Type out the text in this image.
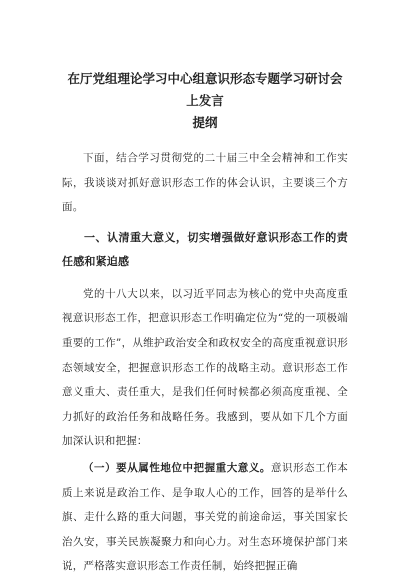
在厅党组理论学习中心组意识形态专题学习研讨会上发言
提纲

下面，结合学习贯彻党的二十届三中全会精神和工作实际，我谈谈对抓好意识形态工作的体会认识，主要谈三个方面。

一、认清重大意义，切实增强做好意识形态工作的责任感和紧迫感

党的十八大以来，以习近平同志为核心的党中央高度重视意识形态工作，把意识形态工作明确定位为“党的一项极端重要的工作”，从维护政治安全和政权安全的高度重视意识形态领域安全，把握意识形态工作的战略主动。意识形态工作意义重大、责任重大，是我们任何时候都必须高度重视、全力抓好的政治任务和战略任务。我感到，要从如下几个方面加深认识和把握：

（一）要从属性地位中把握重大意义。意识形态工作本质上来说是政治工作、是争取人心的工作，回答的是举什么旗、走什么路的重大问题，事关党的前途命运，事关国家长治久安，事关民族凝聚力和向心力。对生态环境保护部门来说，严格落实意识形态工作责任制，始终把握正确
